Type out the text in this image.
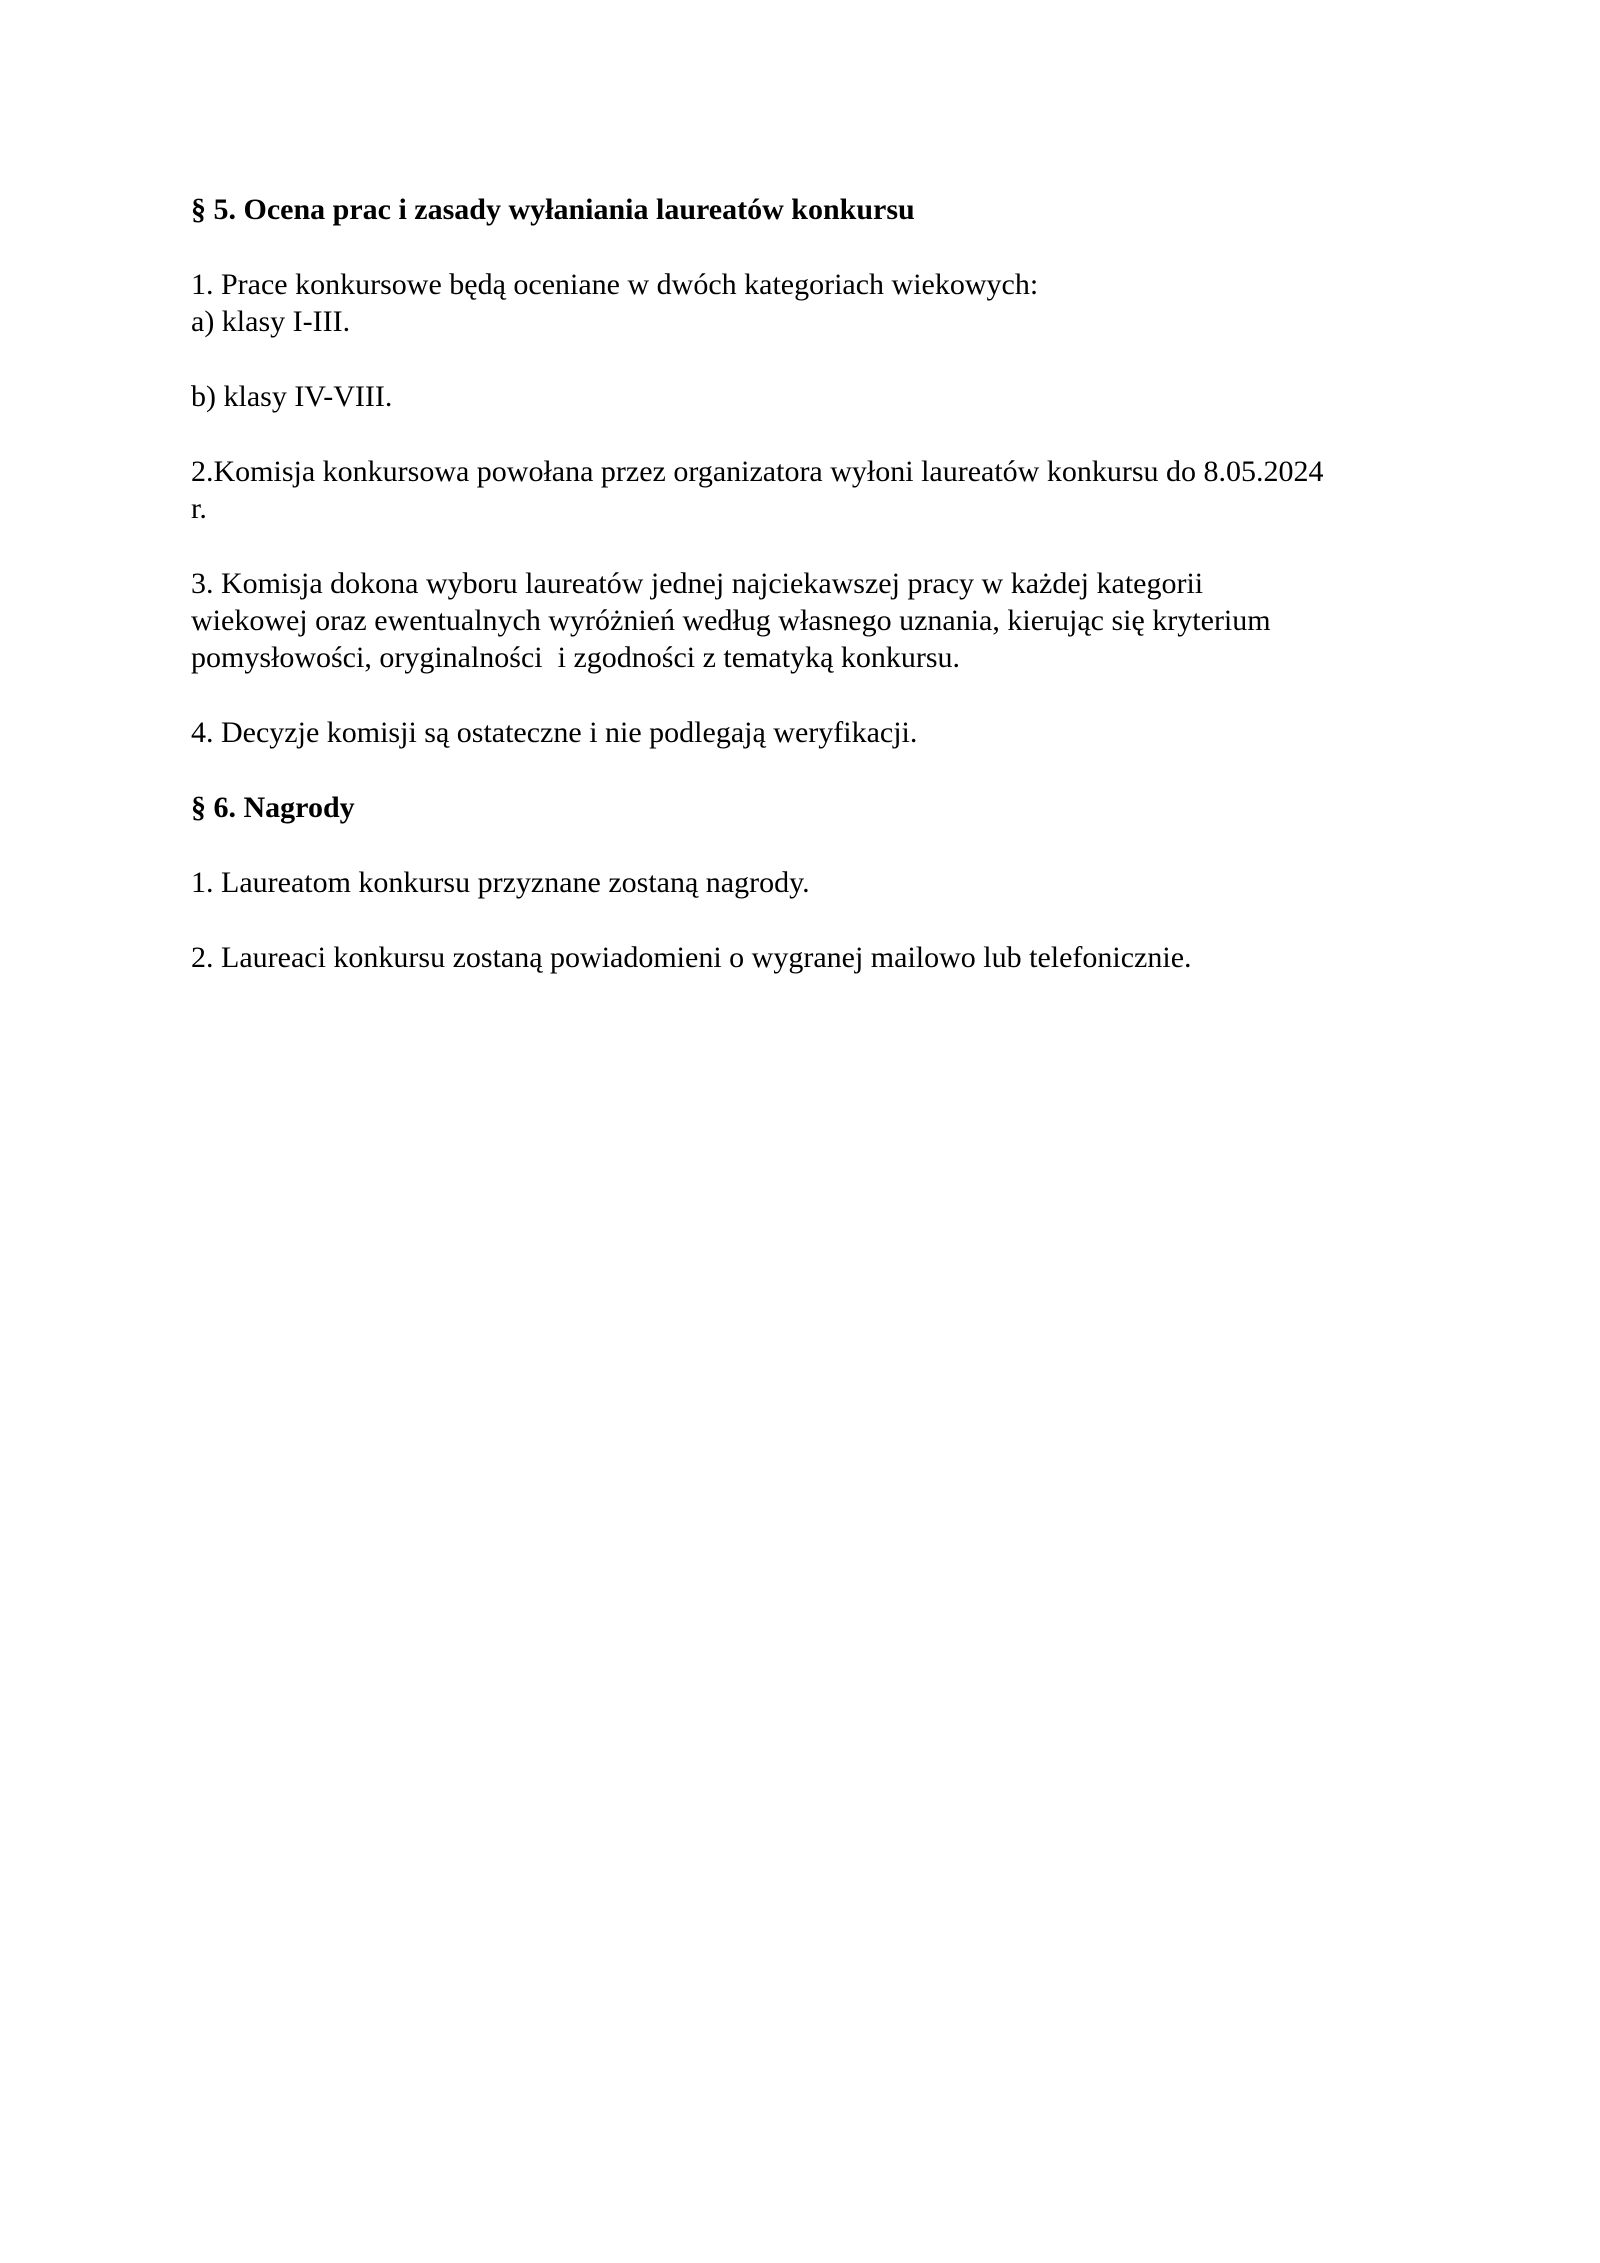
§ 5. Ocena prac i zasady wyłaniania laureatów konkursu

1. Prace konkursowe będą oceniane w dwóch kategoriach wiekowych:

a) klasy I-III.

b) klasy IV-VIII.

2.Komisja konkursowa powołana przez organizatora wyłoni laureatów konkursu do 8.05.2024

r.

3. Komisja dokona wyboru laureatów jednej najciekawszej pracy w każdej kategorii

wiekowej oraz ewentualnych wyróżnień według własnego uznania, kierując się kryterium

pomysłowości, oryginalności  i zgodności z tematyką konkursu.

4. Decyzje komisji są ostateczne i nie podlegają weryfikacji.

§ 6. Nagrody

1. Laureatom konkursu przyznane zostaną nagrody.

2. Laureaci konkursu zostaną powiadomieni o wygranej mailowo lub telefonicznie.
